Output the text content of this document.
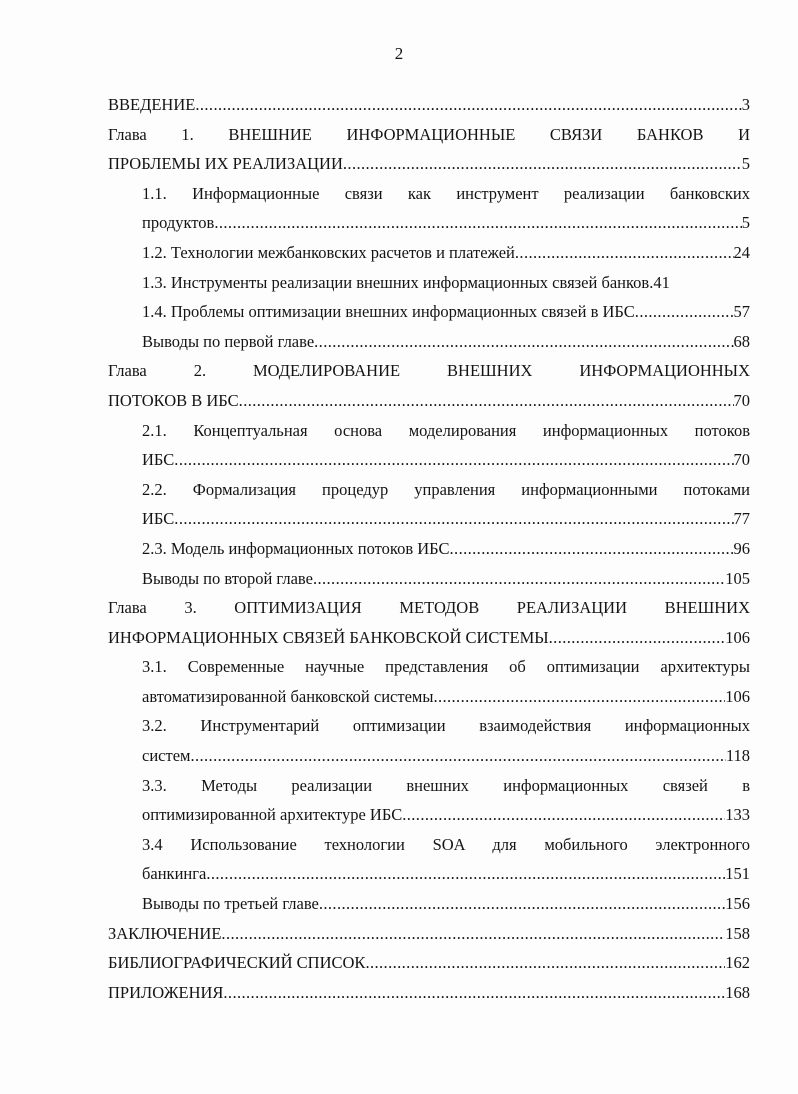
2
ВВЕДЕНИЕ .....	3
Глава 1. ВНЕШНИЕ ИНФОРМАЦИОННЫЕ СВЯЗИ БАНКОВ И
ПРОБЛЕМЫ ИХ РЕАЛИЗАЦИИ .....	5
1.1. Информационные связи как инструмент реализации банковских
продуктов .....	5
1.2. Технологии межбанковских расчетов и платежей .....	24
1.3. Инструменты реализации внешних информационных связей банков. 41
1.4. Проблемы оптимизации внешних информационных связей в ИБС .....	57
Выводы по первой главе .....	68
Глава 2. МОДЕЛИРОВАНИЕ ВНЕШНИХ ИНФОРМАЦИОННЫХ
ПОТОКОВ В ИБС .....	70
2.1. Концептуальная основа моделирования информационных потоков
ИБС .....	70
2.2. Формализация процедур управления информационными потоками
ИБС .....	77
2.3. Модель информационных потоков ИБС .....	96
Выводы по второй главе .....	105
Глава 3. ОПТИМИЗАЦИЯ МЕТОДОВ РЕАЛИЗАЦИИ ВНЕШНИХ
ИНФОРМАЦИОННЫХ СВЯЗЕЙ БАНКОВСКОЙ СИСТЕМЫ .....	106
3.1. Современные научные представления об оптимизации архитектуры
автоматизированной банковской системы .....	106
3.2. Инструментарий оптимизации взаимодействия информационных
систем .....	118
3.3. Методы реализации внешних информационных связей в
оптимизированной архитектуре ИБС .....	133
3.4 Использование технологии SOA для мобильного электронного
банкинга .....	151
Выводы по третьей главе .....	156
ЗАКЛЮЧЕНИЕ .....	158
БИБЛИОГРАФИЧЕСКИЙ СПИСОК .....	162
ПРИЛОЖЕНИЯ .....	168
